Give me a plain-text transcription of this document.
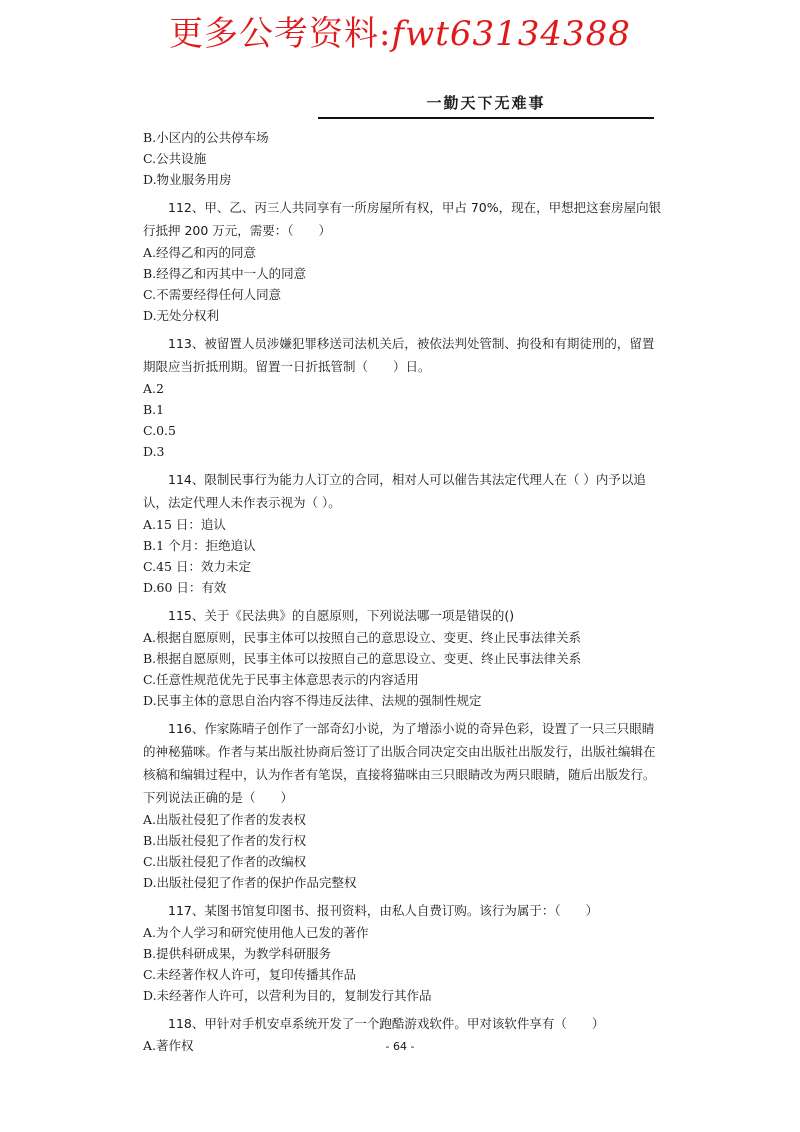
更多公考资料:fwt63134388
一勤天下无难事
B.小区内的公共停车场
C.公共设施
D.物业服务用房
112、甲、乙、丙三人共同享有一所房屋所有权，甲占 70%，现在，甲想把这套房屋向银行抵押 200 万元，需要：（　　）
A.经得乙和丙的同意
B.经得乙和丙其中一人的同意
C.不需要经得任何人同意
D.无处分权利
113、被留置人员涉嫌犯罪移送司法机关后，被依法判处管制、拘役和有期徒刑的，留置期限应当折抵刑期。留置一日折抵管制（　　）日。
A.2
B.1
C.0.5
D.3
114、限制民事行为能力人订立的合同，相对人可以催告其法定代理人在（ ）内予以追认，法定代理人未作表示视为（ ）。
A.15 日：追认
B.1 个月：拒绝追认
C.45 日：效力未定
D.60 日：有效
115、关于《民法典》的自愿原则，下列说法哪一项是错误的()
A.根据自愿原则，民事主体可以按照自己的意思设立、变更、终止民事法律关系
B.根据自愿原则，民事主体可以按照自己的意思设立、变更、终止民事法律关系
C.任意性规范优先于民事主体意思表示的内容适用
D.民事主体的意思自治内容不得违反法律、法规的强制性规定
116、作家陈晴子创作了一部奇幻小说，为了增添小说的奇异色彩，设置了一只三只眼睛的神秘猫咪。作者与某出版社协商后签订了出版合同决定交由出版社出版发行，出版社编辑在核稿和编辑过程中，认为作者有笔误，直接将猫咪由三只眼睛改为两只眼睛，随后出版发行。下列说法正确的是（　　）
A.出版社侵犯了作者的发表权
B.出版社侵犯了作者的发行权
C.出版社侵犯了作者的改编权
D.出版社侵犯了作者的保护作品完整权
117、某图书馆复印图书、报刊资料，由私人自费订购。该行为属于：（　　）
A.为个人学习和研究使用他人已发的著作
B.提供科研成果，为教学科研服务
C.未经著作权人许可，复印传播其作品
D.未经著作人许可，以营利为目的，复制发行其作品
118、甲针对手机安卓系统开发了一个跑酷游戏软件。甲对该软件享有（　　）
A.著作权	- 64 -
